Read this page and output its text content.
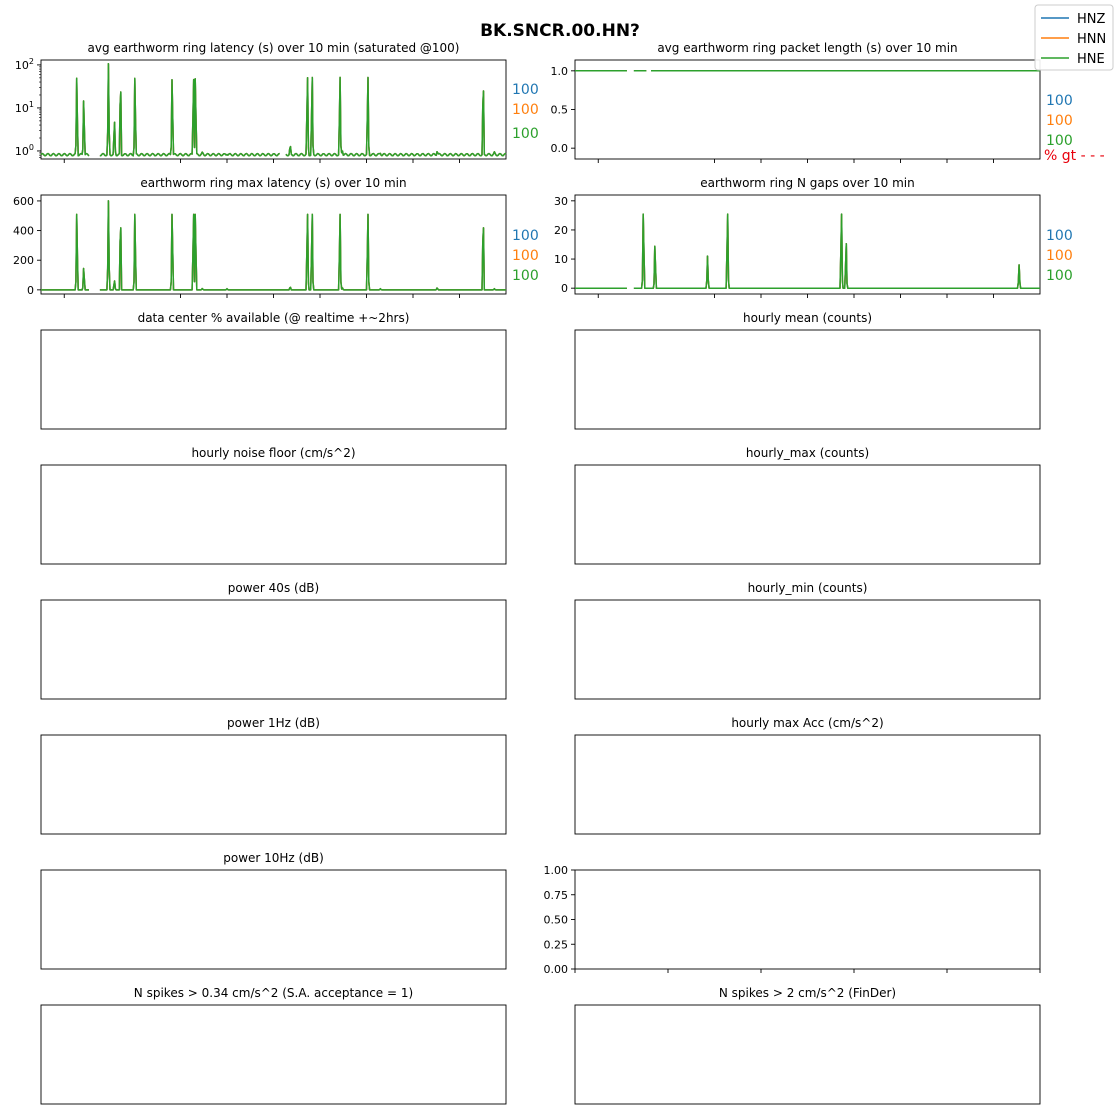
BK.SNCR.00.HN?
avg earthworm ring latency (s) over 10 min (saturated @100)
$10^0$
$10^1$
$10^2$
100
100
100
avg earthworm ring packet length (s) over 10 min
0.0
0.5
1.0
100
100
100
% gt - - -
earthworm ring max latency (s) over 10 min
0
200
400
600
100
100
100
earthworm ring N gaps over 10 min
0
10
20
30
100
100
100
data center % available (@ realtime +~2hrs)	hourly mean (counts)
hourly noise floor (cm/s^2)	hourly_max (counts)
power 40s (dB)	hourly_min (counts)
power 1Hz (dB)	hourly max Acc (cm/s^2)
power 10Hz (dB)
0.00
0.25
0.50
0.75
1.00
N spikes > 0.34 cm/s^2 (S.A. acceptance = 1)	N spikes > 2 cm/s^2 (FinDer)
HNZ
HNN
HNE
